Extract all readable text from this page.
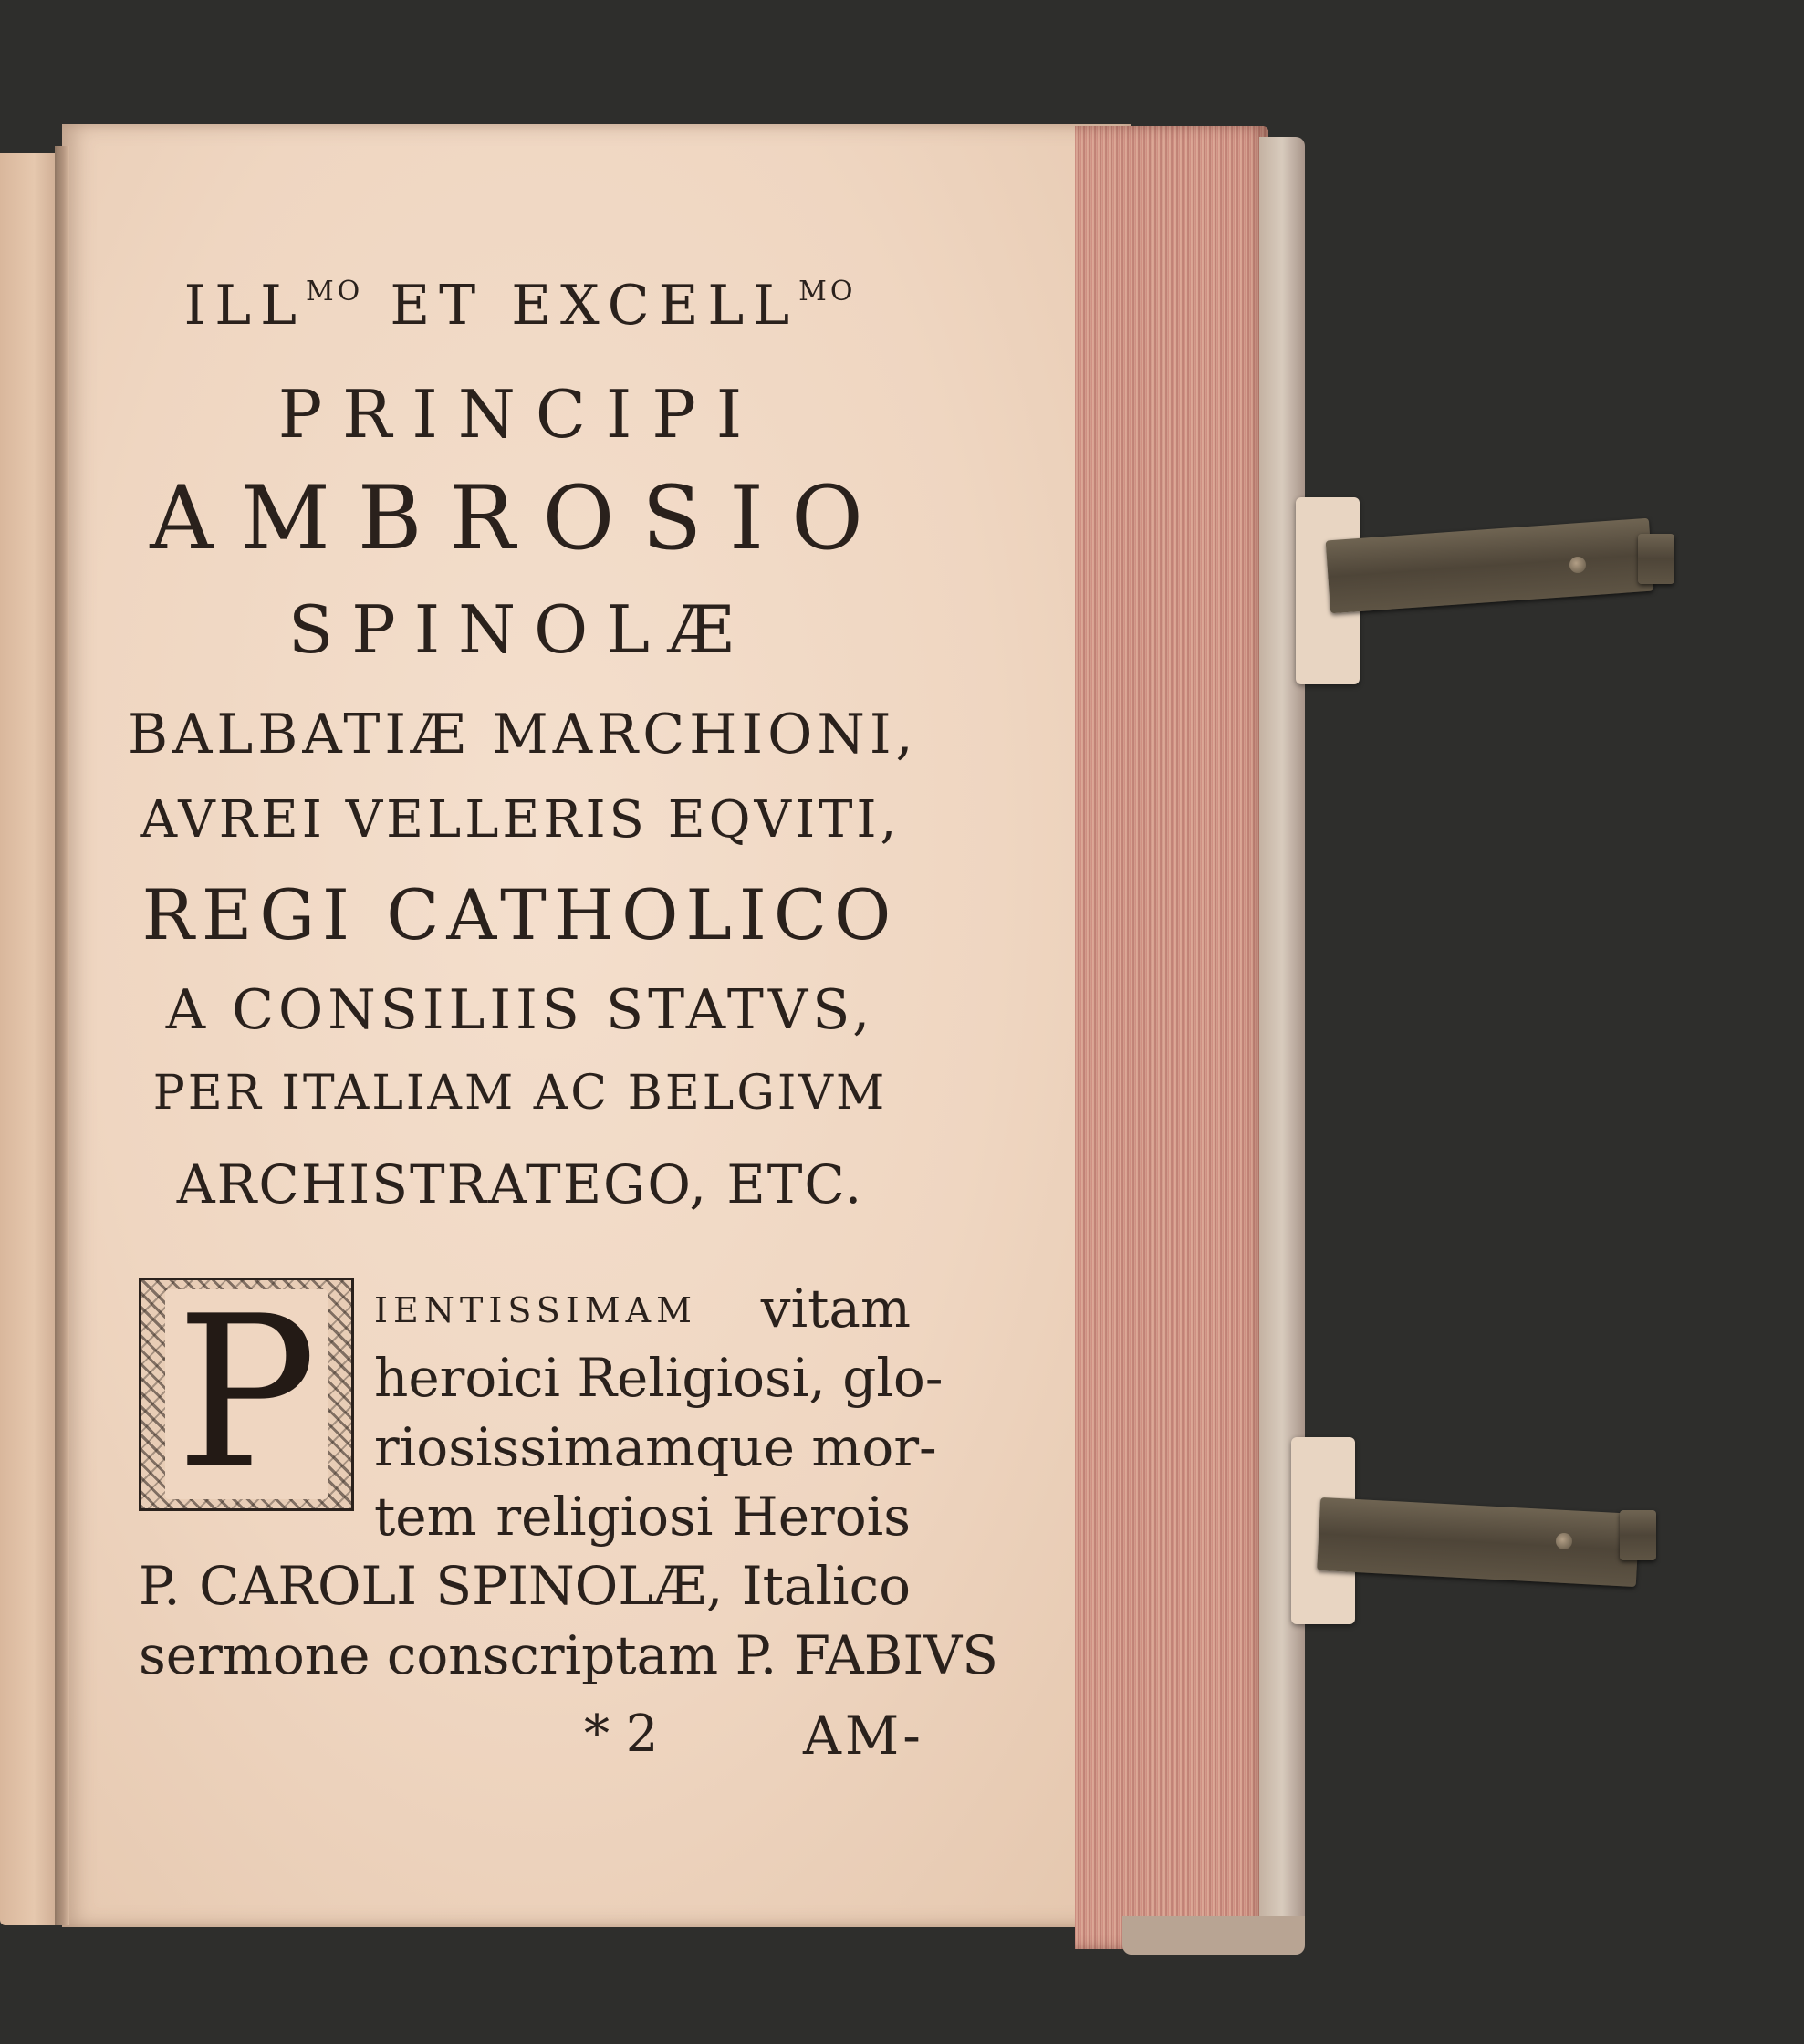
$ILL^{MO}$ ET $EXCELL^{MO}$
PRINCIPI
AMBROSIO
SPINOLÆ
BALBATIÆ MARCHIONI,
AVREI VELLERIS EQVITI,
REGI CATHOLICO
A CONSILIIS STATVS,
PER ITALIAM AC BELGIVM
ARCHISTRATEGO, ETC.
P	IENTISSIMAM vitam
heroici Religiosi, glo-
riosissimamque mor-
tem religiosi Herois
P. CAROLI SPINOLÆ, Italico
sermone conscriptam P. FABIVS
* 2	AM-
